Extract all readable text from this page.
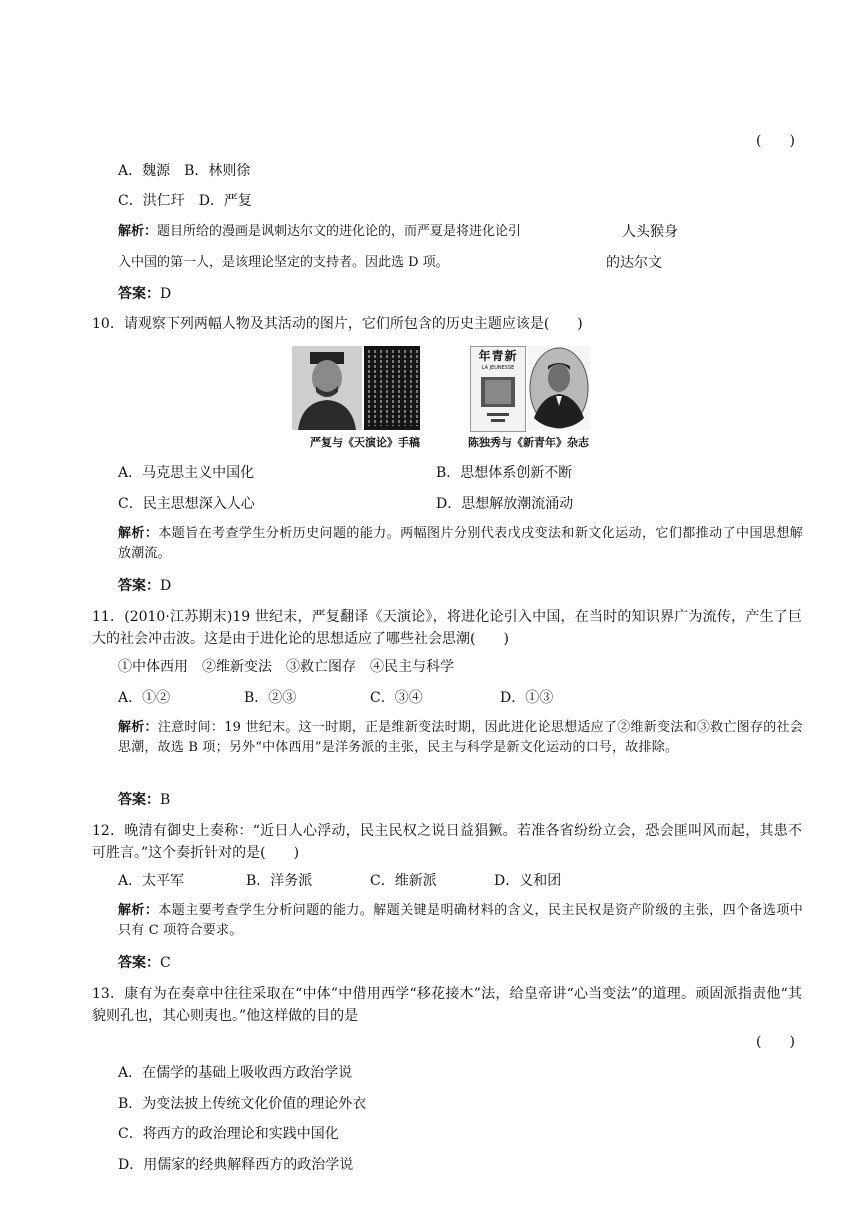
(　　)
A．魏源　B．林则徐
C．洪仁玕　D．严复
解析：题目所给的漫画是讽刺达尔文的进化论的，而严夏是将进化论引
入中国的第一人，是该理论坚定的支持者。因此选 D 项。
人头猴身
的达尔文
答案：D
10．请观察下列两幅人物及其活动的图片，它们所包含的历史主题应该是(　　)
年青新
LA JEUNESSE
严复与《天演论》手稿	陈独秀与《新青年》杂志
A．马克思主义中国化	B．思想体系创新不断
C．民主思想深入人心	D．思想解放潮流涌动
解析：本题旨在考查学生分析历史问题的能力。两幅图片分别代表戊戌变法和新文化运动，它们都推动了中国思想解放潮流。
答案：D
11．(2010·江苏期末)19 世纪末，严复翻译《天演论》，将进化论引入中国，在当时的知识界广为流传，产生了巨大的社会冲击波。这是由于进化论的思想适应了哪些社会思潮(　　)
①中体西用　②维新变法　③救亡图存　④民主与科学
A．①②	B．②③	C．③④	D．①③
解析：注意时间：19 世纪末。这一时期，正是维新变法时期，因此进化论思想适应了②维新变法和③救亡图存的社会思潮，故选 B 项；另外“中体西用”是洋务派的主张，民主与科学是新文化运动的口号，故排除。
答案：B
12．晚清有御史上奏称：“近日人心浮动，民主民权之说日益猖獗。若准各省纷纷立会，恐会匪叫风而起，其患不可胜言。”这个奏折针对的是(　　)
A．太平军	B．洋务派	C．维新派	D．义和团
解析：本题主要考查学生分析问题的能力。解题关键是明确材料的含义，民主民权是资产阶级的主张，四个备选项中只有 C 项符合要求。
答案：C
13．康有为在奏章中往往采取在“中体”中借用西学“移花接木”法，给皇帝讲“心当变法”的道理。顽固派指责他“其貌则孔也，其心则夷也。”他这样做的目的是
(　　)
A．在儒学的基础上吸收西方政治学说
B．为变法披上传统文化价值的理论外衣
C．将西方的政治理论和实践中国化
D．用儒家的经典解释西方的政治学说
